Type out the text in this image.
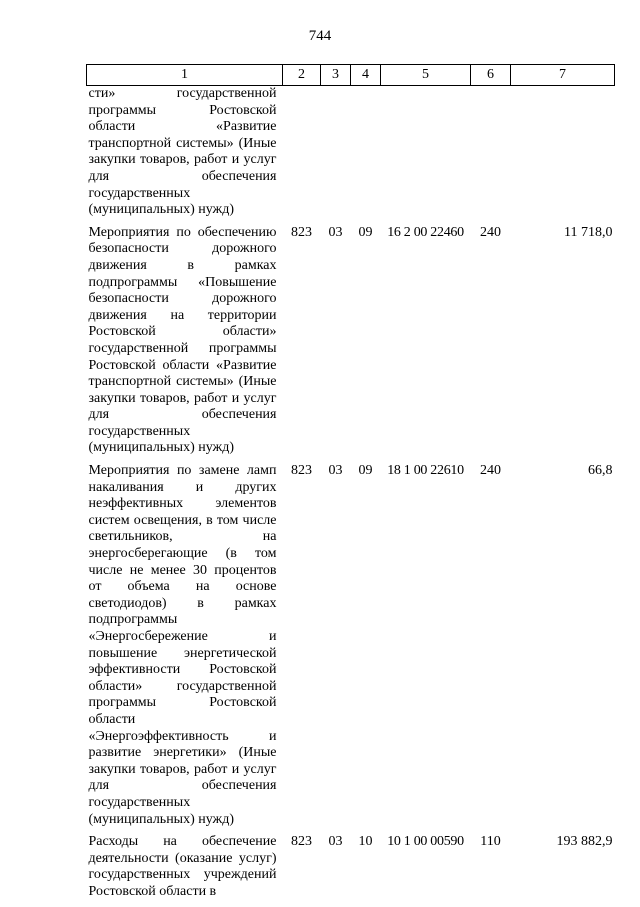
744
1	2	3	4	5	6	7
сти» государственной программы Ростовской области «Развитие транспортной системы» (Иные закупки товаров, работ и услуг для обеспечения государственных (муниципальных) нужд)						
Мероприятия по обеспечению безопасности дорожного движения в рамках подпрограммы «Повышение безопасности дорожного движения на территории Ростовской области» государственной программы Ростовской области «Развитие транспортной системы» (Иные закупки товаров, работ и услуг для обеспечения государственных (муниципальных) нужд)	823	03	09	16 2 00 22460	240	11 718,0
Мероприятия по замене ламп накаливания и других неэффективных элементов систем освещения, в том числе светильников, на энергосберегающие (в том числе не менее 30 процентов от объема на основе светодиодов) в рамках подпрограммы «Энергосбережение и повышение энергетической эффективности Ростовской области» государственной программы Ростовской области «Энергоэффективность и развитие энергетики» (Иные закупки товаров, работ и услуг для обеспечения государственных (муниципальных) нужд)	823	03	09	18 1 00 22610	240	66,8
Расходы на обеспечение деятельности (оказание услуг) государственных учреждений Ростовской области в	823	03	10	10 1 00 00590	110	193 882,9
